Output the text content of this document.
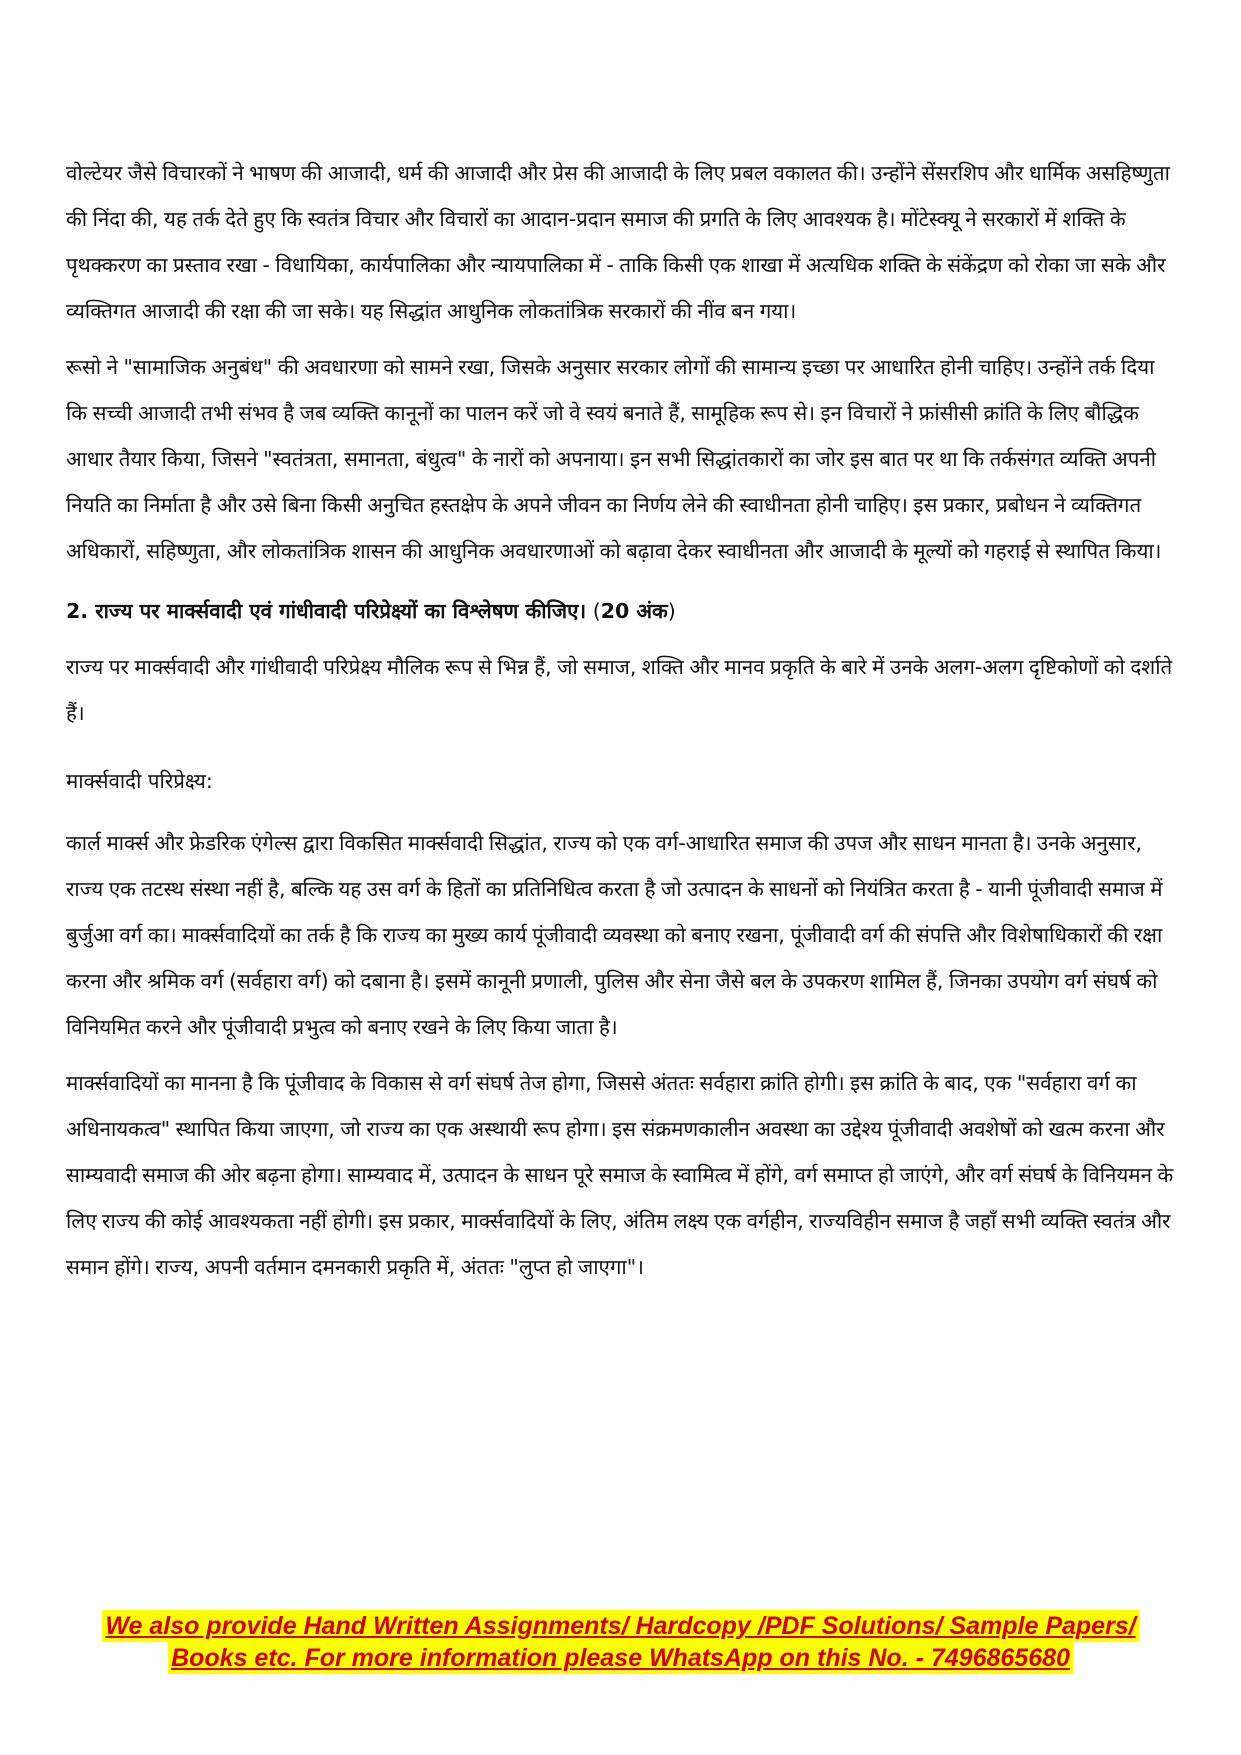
वोल्टेयर जैसे विचारकों ने भाषण की आजादी, धर्म की आजादी और प्रेस की आजादी के लिए प्रबल वकालत की। उन्होंने सेंसरशिप और धार्मिक असहिष्णुता की निंदा की, यह तर्क देते हुए कि स्वतंत्र विचार और विचारों का आदान-प्रदान समाज की प्रगति के लिए आवश्यक है। मोंटेस्क्यू ने सरकारों में शक्ति के पृथक्करण का प्रस्ताव रखा - विधायिका, कार्यपालिका और न्यायपालिका में - ताकि किसी एक शाखा में अत्यधिक शक्ति के संकेंद्रण को रोका जा सके और व्यक्तिगत आजादी की रक्षा की जा सके। यह सिद्धांत आधुनिक लोकतांत्रिक सरकारों की नींव बन गया।

रूसो ने "सामाजिक अनुबंध" की अवधारणा को सामने रखा, जिसके अनुसार सरकार लोगों की सामान्य इच्छा पर आधारित होनी चाहिए। उन्होंने तर्क दिया कि सच्ची आजादी तभी संभव है जब व्यक्ति कानूनों का पालन करें जो वे स्वयं बनाते हैं, सामूहिक रूप से। इन विचारों ने फ्रांसीसी क्रांति के लिए बौद्धिक आधार तैयार किया, जिसने "स्वतंत्रता, समानता, बंधुत्व" के नारों को अपनाया। इन सभी सिद्धांतकारों का जोर इस बात पर था कि तर्कसंगत व्यक्ति अपनी नियति का निर्माता है और उसे बिना किसी अनुचित हस्तक्षेप के अपने जीवन का निर्णय लेने की स्वाधीनता होनी चाहिए। इस प्रकार, प्रबोधन ने व्यक्तिगत अधिकारों, सहिष्णुता, और लोकतांत्रिक शासन की आधुनिक अवधारणाओं को बढ़ावा देकर स्वाधीनता और आजादी के मूल्यों को गहराई से स्थापित किया।

2. राज्य पर मार्क्सवादी एवं गांधीवादी परिप्रेक्ष्यों का विश्लेषण कीजिए। (20 अंक)

राज्य पर मार्क्सवादी और गांधीवादी परिप्रेक्ष्य मौलिक रूप से भिन्न हैं, जो समाज, शक्ति और मानव प्रकृति के बारे में उनके अलग-अलग दृष्टिकोणों को दर्शाते हैं।

मार्क्सवादी परिप्रेक्ष्य:

कार्ल मार्क्स और फ्रेडरिक एंगेल्स द्वारा विकसित मार्क्सवादी सिद्धांत, राज्य को एक वर्ग-आधारित समाज की उपज और साधन मानता है। उनके अनुसार, राज्य एक तटस्थ संस्था नहीं है, बल्कि यह उस वर्ग के हितों का प्रतिनिधित्व करता है जो उत्पादन के साधनों को नियंत्रित करता है - यानी पूंजीवादी समाज में बुर्जुआ वर्ग का। मार्क्सवादियों का तर्क है कि राज्य का मुख्य कार्य पूंजीवादी व्यवस्था को बनाए रखना, पूंजीवादी वर्ग की संपत्ति और विशेषाधिकारों की रक्षा करना और श्रमिक वर्ग (सर्वहारा वर्ग) को दबाना है। इसमें कानूनी प्रणाली, पुलिस और सेना जैसे बल के उपकरण शामिल हैं, जिनका उपयोग वर्ग संघर्ष को विनियमित करने और पूंजीवादी प्रभुत्व को बनाए रखने के लिए किया जाता है।

मार्क्सवादियों का मानना है कि पूंजीवाद के विकास से वर्ग संघर्ष तेज होगा, जिससे अंततः सर्वहारा क्रांति होगी। इस क्रांति के बाद, एक "सर्वहारा वर्ग का अधिनायकत्व" स्थापित किया जाएगा, जो राज्य का एक अस्थायी रूप होगा। इस संक्रमणकालीन अवस्था का उद्देश्य पूंजीवादी अवशेषों को खत्म करना और साम्यवादी समाज की ओर बढ़ना होगा। साम्यवाद में, उत्पादन के साधन पूरे समाज के स्वामित्व में होंगे, वर्ग समाप्त हो जाएंगे, और वर्ग संघर्ष के विनियमन के लिए राज्य की कोई आवश्यकता नहीं होगी। इस प्रकार, मार्क्सवादियों के लिए, अंतिम लक्ष्य एक वर्गहीन, राज्यविहीन समाज है जहाँ सभी व्यक्ति स्वतंत्र और समान होंगे। राज्य, अपनी वर्तमान दमनकारी प्रकृति में, अंततः "लुप्त हो जाएगा"।

We also provide Hand Written Assignments/ Hardcopy /PDF Solutions/ Sample Papers/
Books etc. For more information please WhatsApp on this No. - 7496865680
